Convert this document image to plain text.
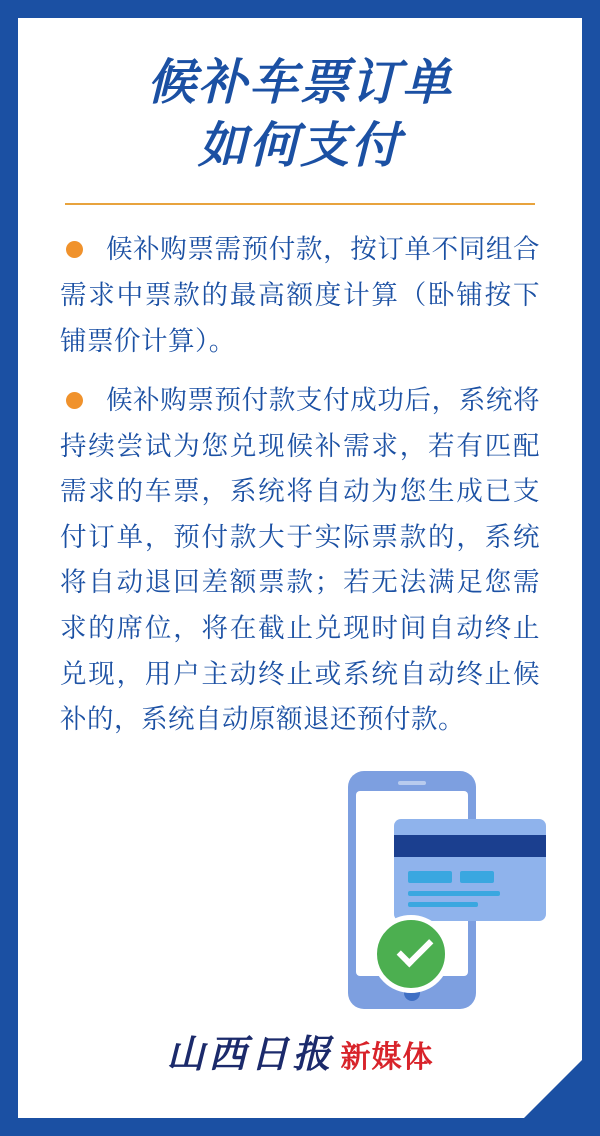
候补车票订单
如何支付

候补购票需预付款，按订单不同组合需求中票款的最高额度计算（卧铺按下铺票价计算）。

候补购票预付款支付成功后，系统将持续尝试为您兑现候补需求，若有匹配需求的车票，系统将自动为您生成已支付订单，预付款大于实际票款的，系统将自动退回差额票款；若无法满足您需求的席位，将在截止兑现时间自动终止兑现，用户主动终止或系统自动终止候补的，系统自动原额退还预付款。

山西日报 新媒体
